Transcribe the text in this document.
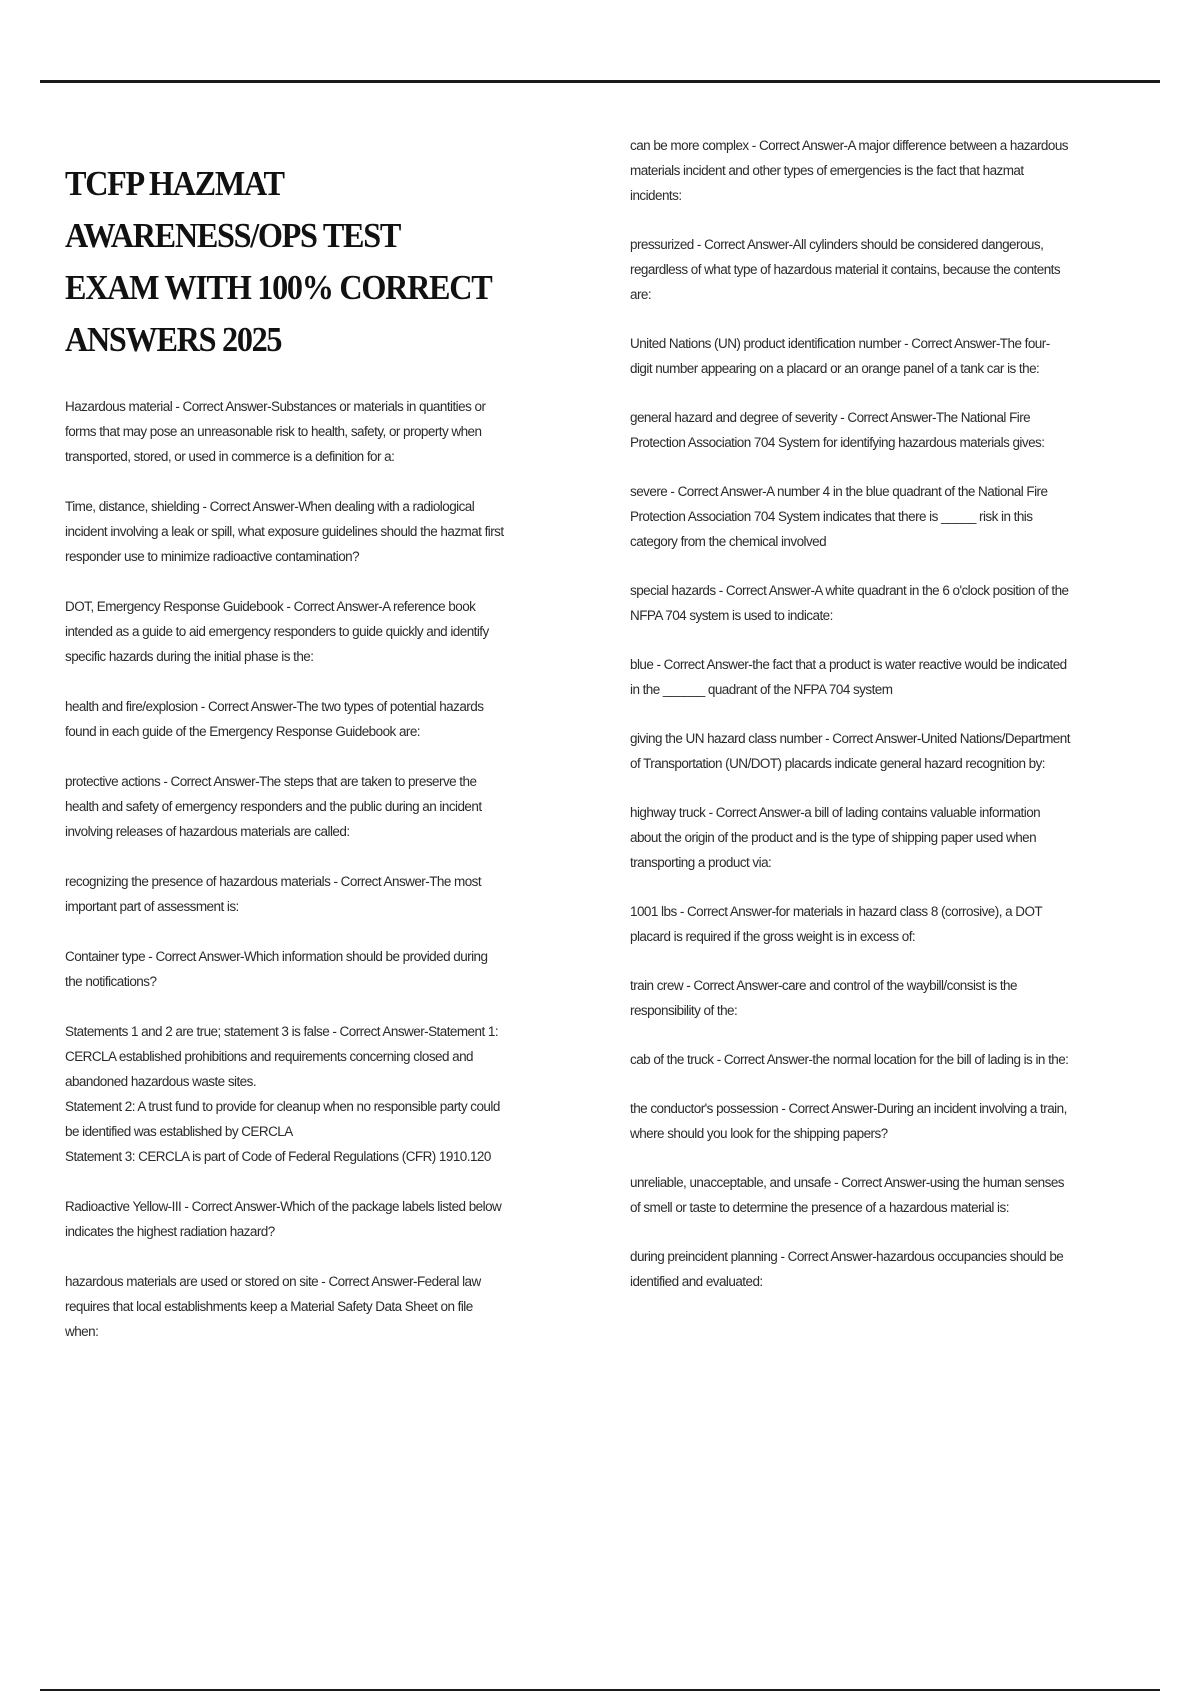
TCFP HAZMAT AWARENESS/OPS TEST EXAM WITH 100% CORRECT ANSWERS 2025
Hazardous material - Correct Answer-Substances or materials in quantities or forms that may pose an unreasonable risk to health, safety, or property when transported, stored, or used in commerce is a definition for a:
Time, distance, shielding - Correct Answer-When dealing with a radiological incident involving a leak or spill, what exposure guidelines should the hazmat first responder use to minimize radioactive contamination?
DOT, Emergency Response Guidebook - Correct Answer-A reference book intended as a guide to aid emergency responders to guide quickly and identify specific hazards during the initial phase is the:
health and fire/explosion - Correct Answer-The two types of potential hazards found in each guide of the Emergency Response Guidebook are:
protective actions - Correct Answer-The steps that are taken to preserve the health and safety of emergency responders and the public during an incident involving releases of hazardous materials are called:
recognizing the presence of hazardous materials - Correct Answer-The most important part of assessment is:
Container type - Correct Answer-Which information should be provided during the notifications?
Statements 1 and 2 are true; statement 3 is false - Correct Answer-Statement 1: CERCLA established prohibitions and requirements concerning closed and abandoned hazardous waste sites.
Statement 2: A trust fund to provide for cleanup when no responsible party could be identified was established by CERCLA
Statement 3: CERCLA is part of Code of Federal Regulations (CFR) 1910.120
Radioactive Yellow-III - Correct Answer-Which of the package labels listed below indicates the highest radiation hazard?
hazardous materials are used or stored on site - Correct Answer-Federal law requires that local establishments keep a Material Safety Data Sheet on file when:
can be more complex - Correct Answer-A major difference between a hazardous materials incident and other types of emergencies is the fact that hazmat incidents:
pressurized - Correct Answer-All cylinders should be considered dangerous, regardless of what type of hazardous material it contains, because the contents are:
United Nations (UN) product identification number - Correct Answer-The four-digit number appearing on a placard or an orange panel of a tank car is the:
general hazard and degree of severity - Correct Answer-The National Fire Protection Association 704 System for identifying hazardous materials gives:
severe - Correct Answer-A number 4 in the blue quadrant of the National Fire Protection Association 704 System indicates that there is _____ risk in this category from the chemical involved
special hazards - Correct Answer-A white quadrant in the 6 o'clock position of the NFPA 704 system is used to indicate:
blue - Correct Answer-the fact that a product is water reactive would be indicated in the ______ quadrant of the NFPA 704 system
giving the UN hazard class number - Correct Answer-United Nations/Department of Transportation (UN/DOT) placards indicate general hazard recognition by:
highway truck - Correct Answer-a bill of lading contains valuable information about the origin of the product and is the type of shipping paper used when transporting a product via:
1001 lbs - Correct Answer-for materials in hazard class 8 (corrosive), a DOT placard is required if the gross weight is in excess of:
train crew - Correct Answer-care and control of the waybill/consist is the responsibility of the:
cab of the truck - Correct Answer-the normal location for the bill of lading is in the:
the conductor's possession - Correct Answer-During an incident involving a train, where should you look for the shipping papers?
unreliable, unacceptable, and unsafe - Correct Answer-using the human senses of smell or taste to determine the presence of a hazardous material is:
during preincident planning - Correct Answer-hazardous occupancies should be identified and evaluated:
